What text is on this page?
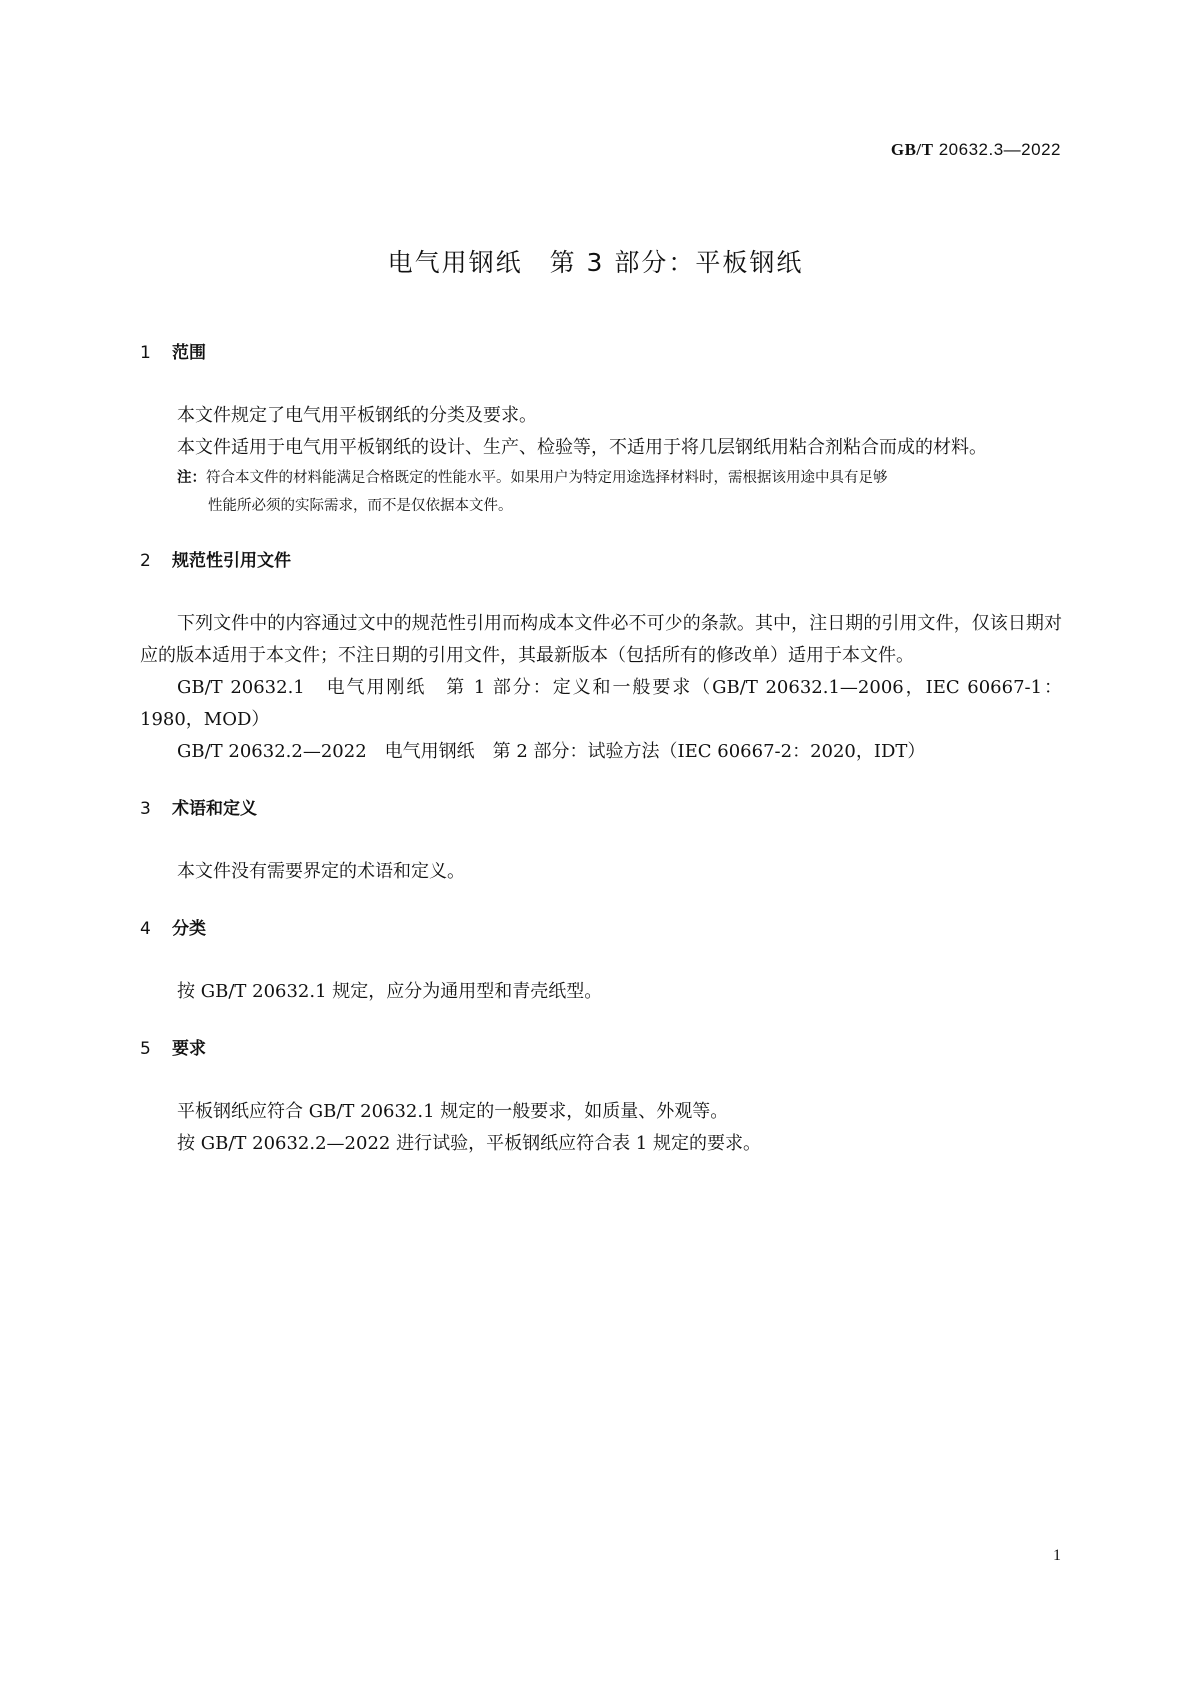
GB/T 20632.3—2022
电气用钢纸　第 3 部分：平板钢纸
1 范围

本文件规定了电气用平板钢纸的分类及要求。

本文件适用于电气用平板钢纸的设计、生产、检验等，不适用于将几层钢纸用粘合剂粘合而成的材料。

注：符合本文件的材料能满足合格既定的性能水平。如果用户为特定用途选择材料时，需根据该用途中具有足够
性能所必须的实际需求，而不是仅依据本文件。
2 规范性引用文件

下列文件中的内容通过文中的规范性引用而构成本文件必不可少的条款。其中，注日期的引用文件，仅该日期对应的版本适用于本文件；不注日期的引用文件，其最新版本（包括所有的修改单）适用于本文件。

GB/T 20632.1　电气用刚纸　第 1 部分：定义和一般要求（GB/T 20632.1—2006，IEC 60667-1：1980，MOD）

GB/T 20632.2—2022　电气用钢纸　第 2 部分：试验方法（IEC 60667-2：2020，IDT）

3 术语和定义

本文件没有需要界定的术语和定义。

4 分类

按 GB/T 20632.1 规定，应分为通用型和青壳纸型。

5 要求

平板钢纸应符合 GB/T 20632.1 规定的一般要求，如质量、外观等。

按 GB/T 20632.2—2022 进行试验，平板钢纸应符合表 1 规定的要求。

1
